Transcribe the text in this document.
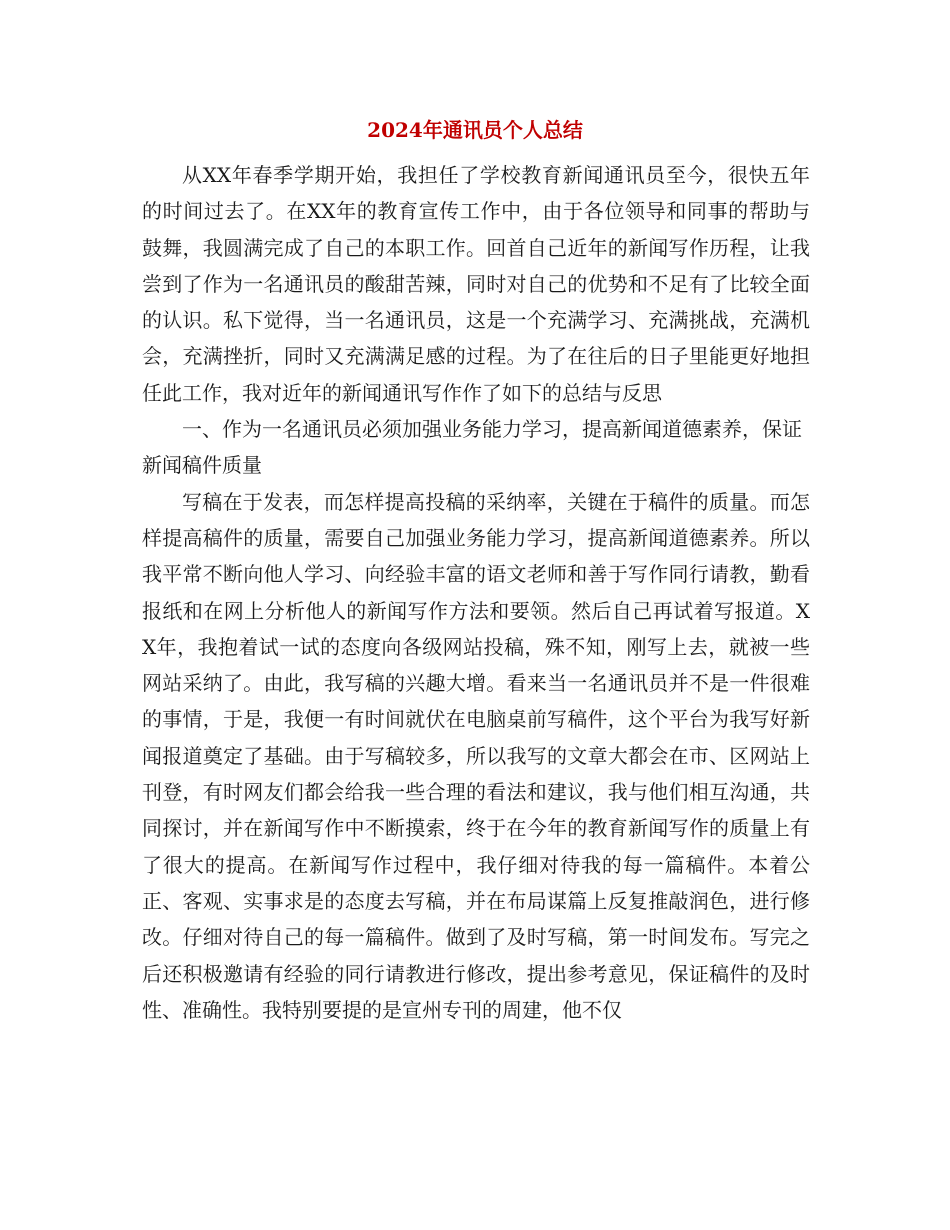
2024年通讯员个人总结

从XX年春季学期开始，我担任了学校教育新闻通讯员至今，很快五年的时间过去了。在XX年的教育宣传工作中，由于各位领导和同事的帮助与鼓舞，我圆满完成了自己的本职工作。回首自己近年的新闻写作历程，让我尝到了作为一名通讯员的酸甜苦辣，同时对自己的优势和不足有了比较全面的认识。私下觉得，当一名通讯员，这是一个充满学习、充满挑战，充满机会，充满挫折，同时又充满满足感的过程。为了在往后的日子里能更好地担任此工作，我对近年的新闻通讯写作作了如下的总结与反思

一、作为一名通讯员必须加强业务能力学习，提高新闻道德素养，保证新闻稿件质量

写稿在于发表，而怎样提高投稿的采纳率，关键在于稿件的质量。而怎样提高稿件的质量，需要自己加强业务能力学习，提高新闻道德素养。所以我平常不断向他人学习、向经验丰富的语文老师和善于写作同行请教，勤看报纸和在网上分析他人的新闻写作方法和要领。然后自己再试着写报道。XX年，我抱着试一试的态度向各级网站投稿，殊不知，刚写上去，就被一些网站采纳了。由此，我写稿的兴趣大增。看来当一名通讯员并不是一件很难的事情，于是，我便一有时间就伏在电脑桌前写稿件，这个平台为我写好新闻报道奠定了基础。由于写稿较多，所以我写的文章大都会在市、区网站上刊登，有时网友们都会给我一些合理的看法和建议，我与他们相互沟通，共同探讨，并在新闻写作中不断摸索，终于在今年的教育新闻写作的质量上有了很大的提高。在新闻写作过程中，我仔细对待我的每一篇稿件。本着公正、客观、实事求是的态度去写稿，并在布局谋篇上反复推敲润色，进行修改。仔细对待自己的每一篇稿件。做到了及时写稿，第一时间发布。写完之后还积极邀请有经验的同行请教进行修改，提出参考意见，保证稿件的及时性、准确性。我特别要提的是宣州专刊的周建，他不仅
